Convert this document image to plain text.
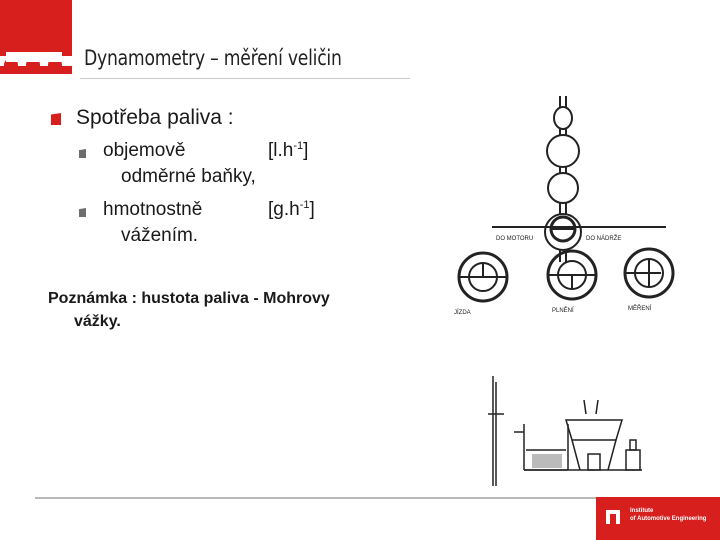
Dynamometry – měření veličin
Spotřeba paliva :
objemově	$[l.h^{-1}]$
odměrné baňky,
hmotnostně	$[g.h^{-1}]$
vážením.
Poznámka : hustota paliva - Mohrovy
vážky.
DO MOTORU	DO NÁDRŽE
JÍZDA	PLNĚNÍ	MĚŘENÍ
Institute
of Automotive Engineering
